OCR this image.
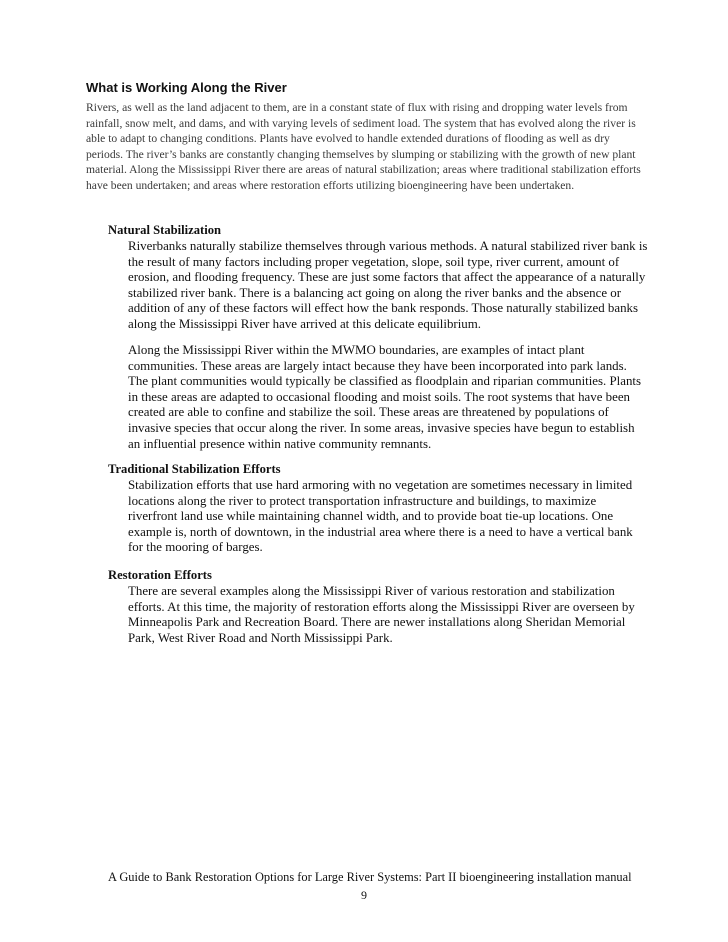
What is Working Along the River

Rivers, as well as the land adjacent to them, are in a constant state of flux with rising and dropping water levels from rainfall, snow melt, and dams, and with varying levels of sediment load. The system that has evolved along the river is able to adapt to changing conditions. Plants have evolved to handle extended durations of flooding as well as dry periods. The river’s banks are constantly changing themselves by slumping or stabilizing with the growth of new plant material. Along the Mississippi River there are areas of natural stabilization; areas where traditional stabilization efforts have been undertaken; and areas where restoration efforts utilizing bioengineering have been undertaken.

Natural Stabilization

Riverbanks naturally stabilize themselves through various methods. A natural stabilized river bank is the result of many factors including proper vegetation, slope, soil type, river current, amount of erosion, and flooding frequency. These are just some factors that affect the appearance of a naturally stabilized river bank. There is a balancing act going on along the river banks and the absence or addition of any of these factors will effect how the bank responds. Those naturally stabilized banks along the Mississippi River have arrived at this delicate equilibrium.

Along the Mississippi River within the MWMO boundaries, are examples of intact plant communities. These areas are largely intact because they have been incorporated into park lands. The plant communities would typically be classified as floodplain and riparian communities. Plants in these areas are adapted to occasional flooding and moist soils. The root systems that have been created are able to confine and stabilize the soil. These areas are threatened by populations of invasive species that occur along the river. In some areas, invasive species have begun to establish an influential presence within native community remnants.

Traditional Stabilization Efforts

Stabilization efforts that use hard armoring with no vegetation are sometimes necessary in limited locations along the river to protect transportation infrastructure and buildings, to maximize riverfront land use while maintaining channel width, and to provide boat tie-up locations. One example is, north of downtown, in the industrial area where there is a need to have a vertical bank for the mooring of barges.

Restoration Efforts

There are several examples along the Mississippi River of various restoration and stabilization efforts. At this time, the majority of restoration efforts along the Mississippi River are overseen by Minneapolis Park and Recreation Board. There are newer installations along Sheridan Memorial Park, West River Road and North Mississippi Park.

A Guide to Bank Restoration Options for Large River Systems: Part II bioengineering installation manual

9
